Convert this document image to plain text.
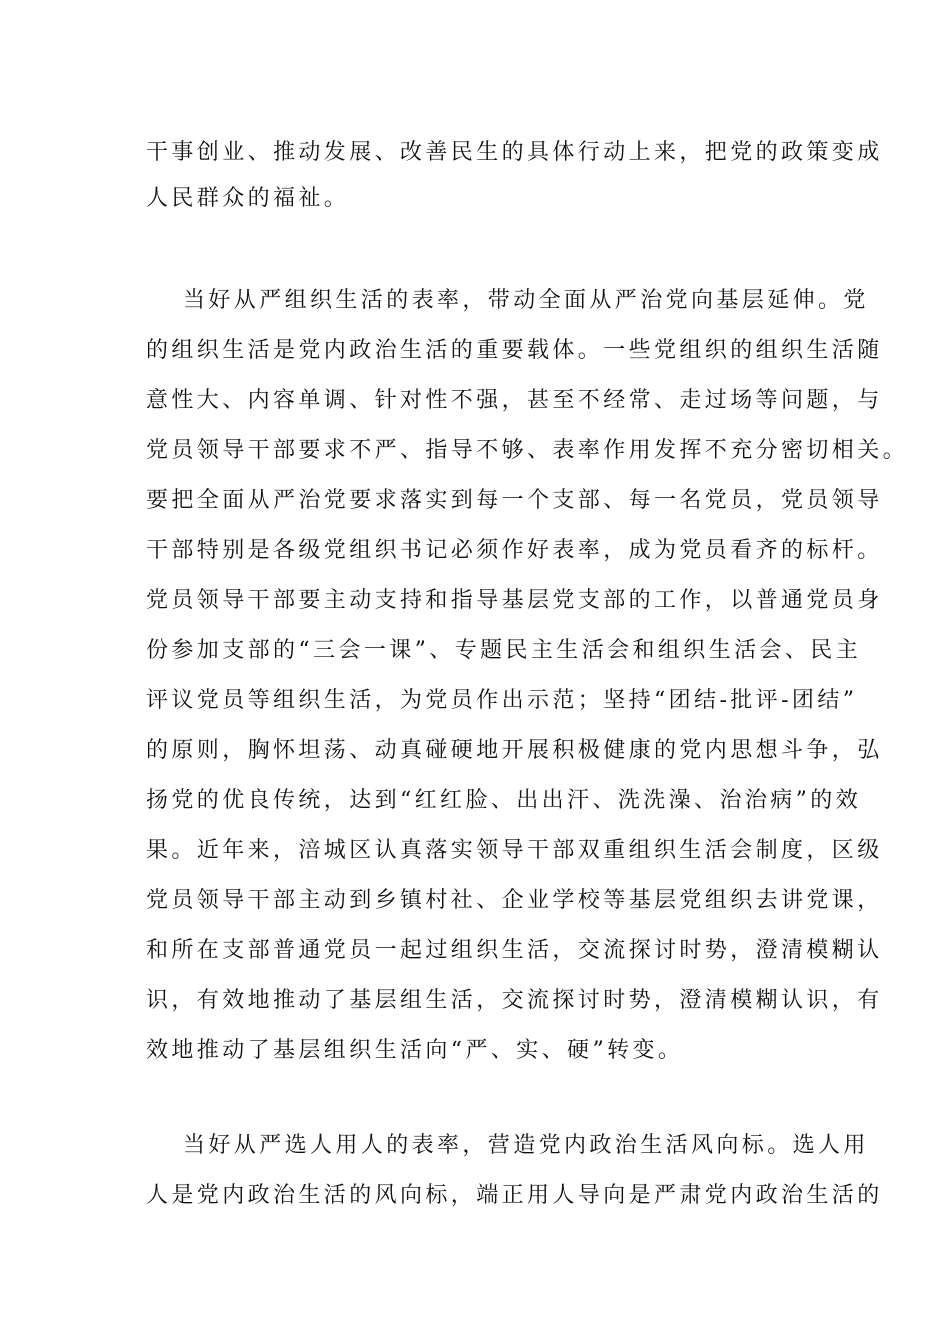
干事创业、推动发展、改善民生的具体行动上来，把党的政策变成
人民群众的福祉。
当好从严组织生活的表率，带动全面从严治党向基层延伸。党
的组织生活是党内政治生活的重要载体。一些党组织的组织生活随
意性大、内容单调、针对性不强，甚至不经常、走过场等问题，与
党员领导干部要求不严、指导不够、表率作用发挥不充分密切相关。
要把全面从严治党要求落实到每一个支部、每一名党员，党员领导
干部特别是各级党组织书记必须作好表率，成为党员看齐的标杆。
党员领导干部要主动支持和指导基层党支部的工作，以普通党员身
份参加支部的“三会一课”、专题民主生活会和组织生活会、民主
评议党员等组织生活，为党员作出示范；坚持“团结-批评-团结”
的原则，胸怀坦荡、动真碰硬地开展积极健康的党内思想斗争，弘
扬党的优良传统，达到“红红脸、出出汗、洗洗澡、治治病”的效
果。近年来，涪城区认真落实领导干部双重组织生活会制度，区级
党员领导干部主动到乡镇村社、企业学校等基层党组织去讲党课，
和所在支部普通党员一起过组织生活，交流探讨时势，澄清模糊认
识，有效地推动了基层组生活，交流探讨时势，澄清模糊认识，有
效地推动了基层组织生活向“严、实、硬”转变。
当好从严选人用人的表率，营造党内政治生活风向标。选人用
人是党内政治生活的风向标，端正用人导向是严肃党内政治生活的
